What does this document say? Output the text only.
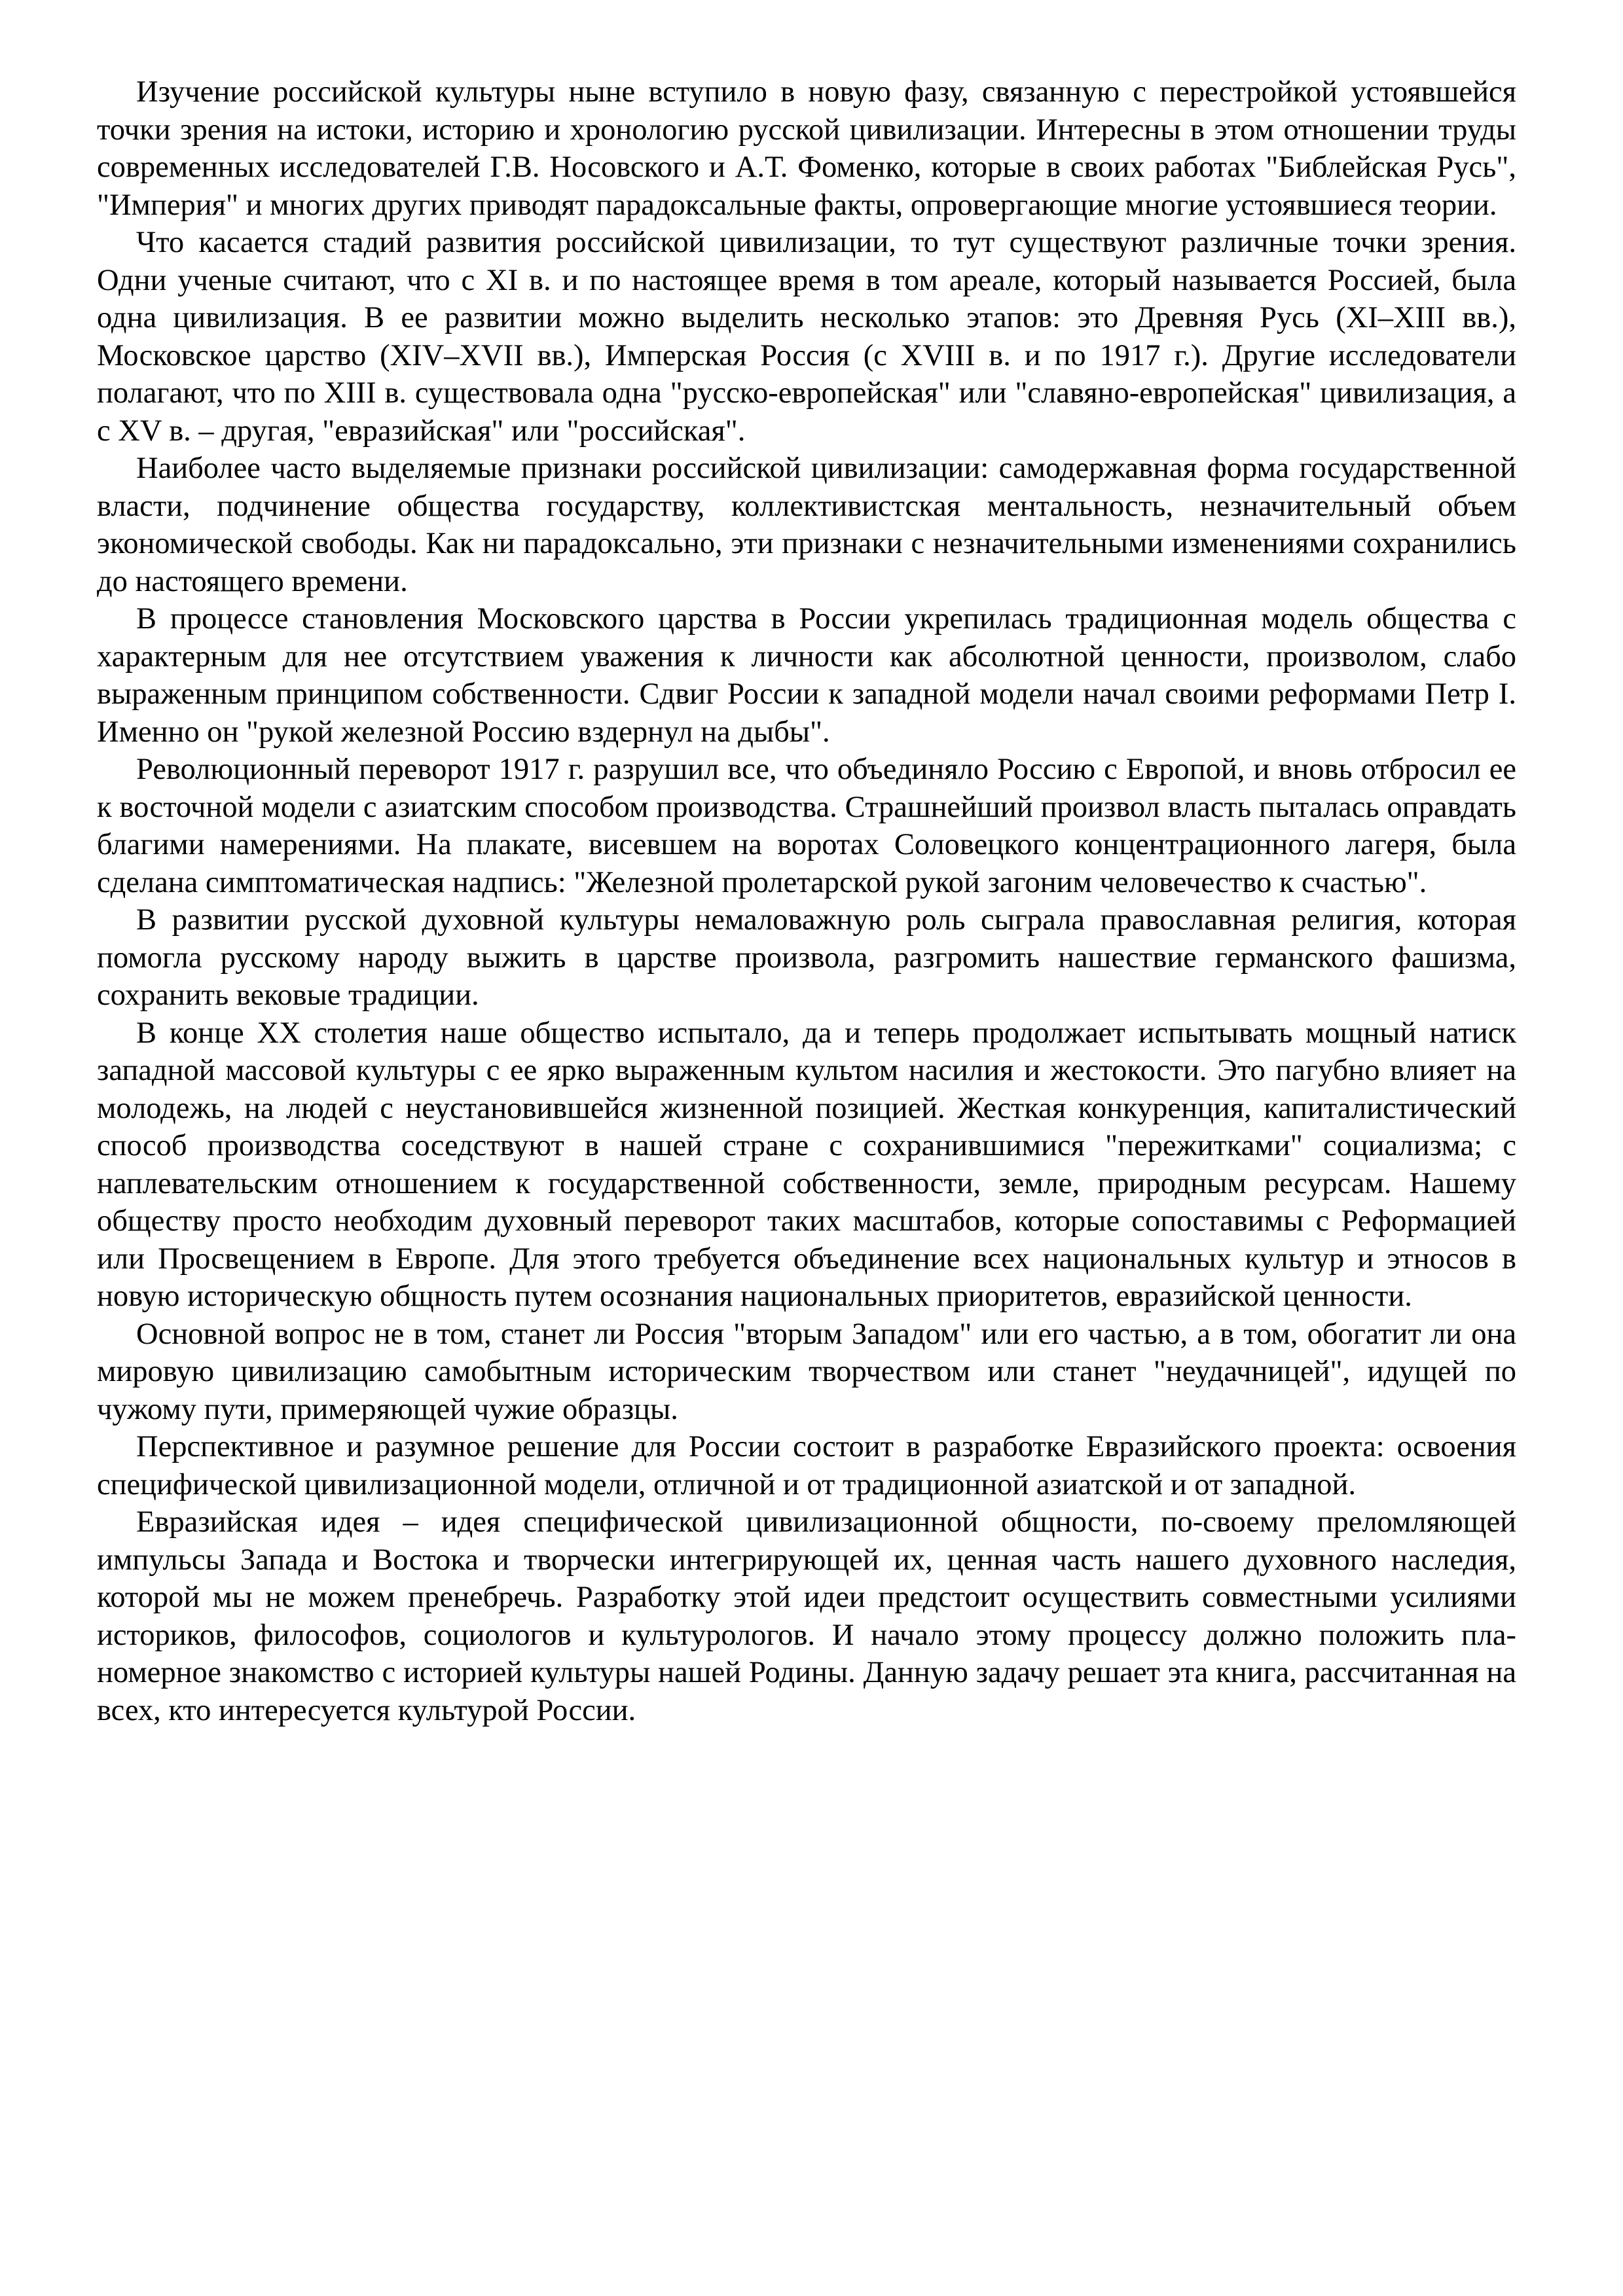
Изучение российской культуры ныне вступило в новую фазу, связанную с перестройкой устоявшейся точки зрения на истоки, историю и хронологию русской цивилизации. Интересны в этом отношении труды современных исследователей Г.В. Носовского и А.Т. Фоменко, которые в своих работах "Библейская Русь", "Империя" и многих других приводят парадоксальные факты, опровергающие многие устоявшиеся теории.

Что касается стадий развития российской цивилизации, то тут существуют различные точки зрения. Одни ученые считают, что с XI в. и по настоящее время в том ареале, который называется Россией, была одна цивилизация. В ее развитии можно выделить несколько этапов: это Древняя Русь (XI–XIII вв.), Московское царство (XIV–XVII вв.), Имперская Россия (с XVIII в. и по 1917 г.). Другие исследователи полагают, что по XIII в. существовала одна "русско-европейская" или "славяно-европейская" цивилизация, а с XV в. – другая, "евразийская" или "российская".

Наиболее часто выделяемые признаки российской цивилизации: самодержавная форма государственной власти, подчинение общества государству, коллективистская ментальность, незначительный объем экономической свободы. Как ни парадоксально, эти признаки с незначительными изменениями сохранились до настоящего времени.

В процессе становления Московского царства в России укрепилась традиционная модель общества с характерным для нее отсутствием уважения к личности как абсолютной ценности, произволом, слабо выраженным принципом собственности. Сдвиг России к западной модели начал своими реформами Петр I. Именно он "рукой железной Россию вздернул на дыбы".

Революционный переворот 1917 г. разрушил все, что объединяло Россию с Европой, и вновь отбросил ее к восточной модели с азиатским способом производства. Страшнейший произвол власть пыталась оправдать благими намерениями. На плакате, висевшем на воротах Соловецкого концентрационного лагеря, была сделана симптоматическая надпись: "Железной пролетарской рукой загоним человечество к счастью".

В развитии русской духовной культуры немаловажную роль сыграла православная религия, которая помогла русскому народу выжить в царстве произвола, разгромить нашествие германского фашизма, сохранить вековые традиции.

В конце XX столетия наше общество испытало, да и теперь продолжает испытывать мощный натиск западной массовой культуры с ее ярко выраженным культом насилия и жестокости. Это пагубно влияет на молодежь, на людей с неустановившейся жизненной позицией. Жесткая конкуренция, капиталистический способ производства соседствуют в нашей стране с сохранившимися "пережитками" социализма; с наплевательским отношением к государственной собственности, земле, природным ресурсам. Нашему обществу просто необходим духовный переворот таких масштабов, которые сопоставимы с Реформацией или Просвещением в Европе. Для этого требуется объединение всех национальных культур и этносов в новую историческую общность путем осознания национальных приоритетов, евразийской ценности.

Основной вопрос не в том, станет ли Россия "вторым Западом" или его частью, а в том, обогатит ли она мировую цивилизацию самобытным историческим творчеством или станет "неудачницей", идущей по чужому пути, примеряющей чужие образцы.

Перспективное и разумное решение для России состоит в разработке Евразийского проекта: освоения специфической цивилизационной модели, отличной и от традиционной азиатской и от западной.

Евразийская идея – идея специфической цивилизационной общности, по-своему преломляющей импульсы Запада и Востока и творчески интегрирующей их, ценная часть нашего духовного наследия, которой мы не можем пренебречь. Разработку этой идеи предстоит осуществить совместными усилиями историков, философов, социологов и культурологов. И начало этому процессу должно положить планомерное знакомство с историей культуры нашей Родины. Данную задачу решает эта книга, рассчитанная на всех, кто интересуется культурой России.
